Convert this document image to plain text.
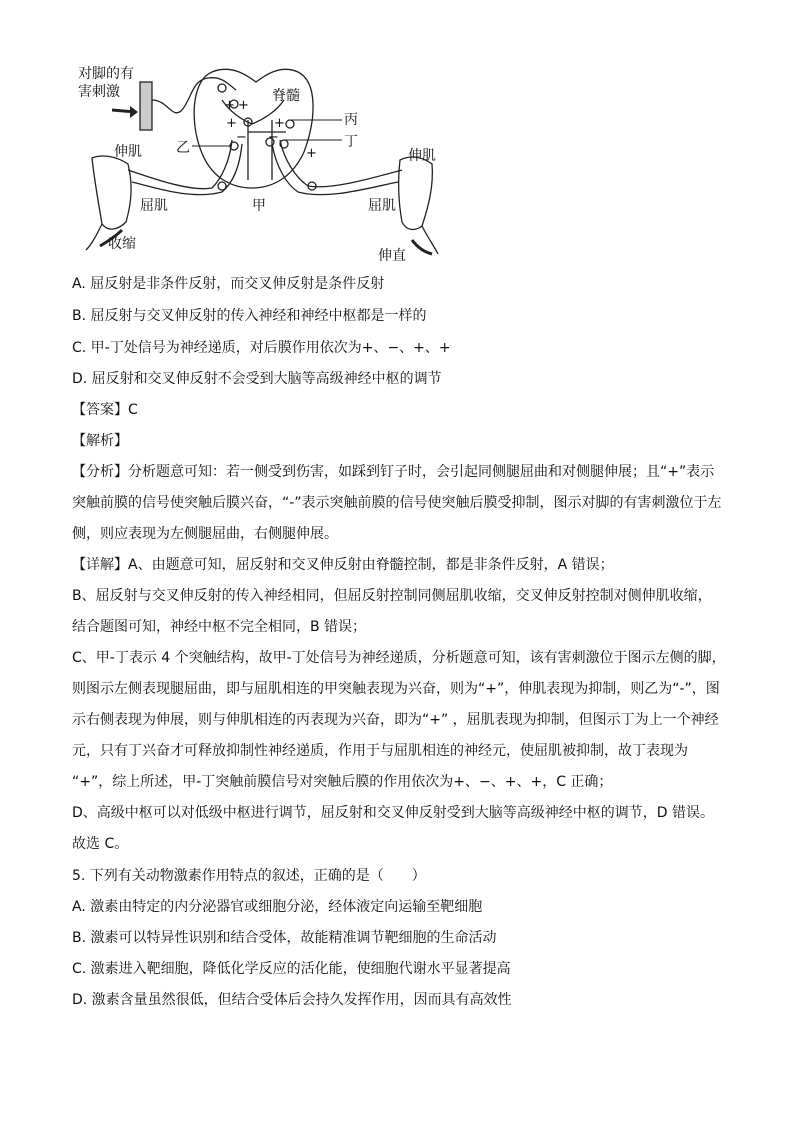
对脚的有
害刺激	脊髓
丙
丁
乙
甲
伸肌	伸肌
屈肌	屈肌
收缩
伸直
+ +
+	+
+
−
−
A. 屈反射是非条件反射，而交叉伸反射是条件反射
B. 屈反射与交叉伸反射的传入神经和神经中枢都是一样的
C. 甲-丁处信号为神经递质，对后膜作用依次为+、−、+、+
D. 屈反射和交叉伸反射不会受到大脑等高级神经中枢的调节
【答案】C
【解析】
【分析】分析题意可知：若一侧受到伤害，如踩到钉子时，会引起同侧腿屈曲和对侧腿伸展；且“+”表示
突触前膜的信号使突触后膜兴奋，“-”表示突触前膜的信号使突触后膜受抑制，图示对脚的有害刺激位于左
侧，则应表现为左侧腿屈曲，右侧腿伸展。
【详解】A、由题意可知，屈反射和交叉伸反射由脊髓控制，都是非条件反射，A 错误；
B、屈反射与交叉伸反射的传入神经相同，但屈反射控制同侧屈肌收缩，交叉伸反射控制对侧伸肌收缩，
结合题图可知，神经中枢不完全相同，B 错误；
C、甲-丁表示 4 个突触结构，故甲-丁处信号为神经递质，分析题意可知，该有害刺激位于图示左侧的脚，
则图示左侧表现腿屈曲，即与屈肌相连的甲突触表现为兴奋，则为“+”，伸肌表现为抑制，则乙为“-”，图
示右侧表现为伸展，则与伸肌相连的丙表现为兴奋，即为“+” ，屈肌表现为抑制，但图示丁为上一个神经
元，只有丁兴奋才可释放抑制性神经递质，作用于与屈肌相连的神经元，使屈肌被抑制，故丁表现为
“+”，综上所述，甲-丁突触前膜信号对突触后膜的作用依次为+、−、+、+，C 正确；
D、高级中枢可以对低级中枢进行调节，屈反射和交叉伸反射受到大脑等高级神经中枢的调节，D 错误。
故选 C。
5. 下列有关动物激素作用特点的叙述，正确的是（　　）
A. 激素由特定的内分泌器官或细胞分泌，经体液定向运输至靶细胞
B. 激素可以特异性识别和结合受体，故能精准调节靶细胞的生命活动
C. 激素进入靶细胞，降低化学反应的活化能，使细胞代谢水平显著提高
D. 激素含量虽然很低，但结合受体后会持久发挥作用，因而具有高效性
